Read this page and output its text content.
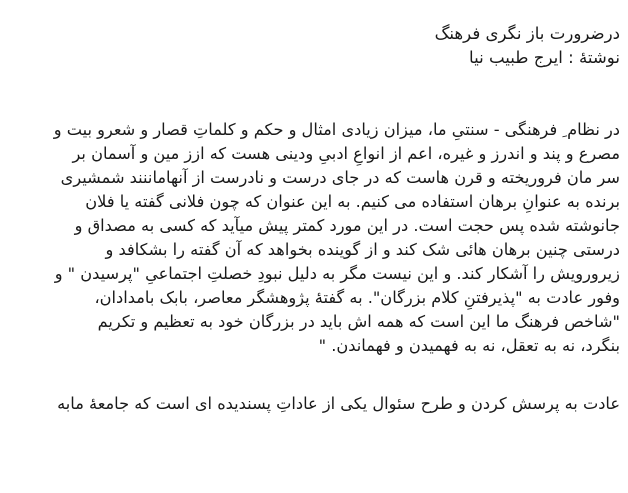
درضرورت باز نگری فرهنگ
نوشتهٔ : ایرج طبیب نیا
در نظام ِ فرهنگی - سنتیِ ما، میزان زیادی امثال و حکم و کلماتِ قصار و شعرو بیت و
مصرع و پند و اندرز و غیره، اعم از انواعِ ادبیِ ودینی هست که ازز مین و آسمان بر
سر مان فروریخته و قرن هاست که در جای درست و نادرست از آنهاماننند شمشیری
برنده به عنوانِ برهان استفاده می کنیم. به این عنوان که چون فلانی گفته یا فلان
جانوشته شده پس حجت است. در این مورد کمتر پیش میآید که کسی به مصداق و
درستی چنین برهان هائی شک کند و از گوینده بخواهد که آن گفته را بشکافد و
زیرورویش را آشکار کند. و این نیست مگر به دلیل نبودِ خصلتِ اجتماعیِ "پرسیدن " و
وفور عادت به "پذیرفتنِ کلام بزرگان". به گفتهٔ پژوهشگر معاصر، بابک بامدادان،
"شاخص فرهنگ ما این است که همه اش باید در بزرگان خود به تعظیم و تکریم
بنگرد، نه به تعقل، نه به فهمیدن و فهماندن. "
عادت به پرسش کردن و طرح سئوال یکی از عاداتِ پسندیده ای است که جامعهٔ مابه
